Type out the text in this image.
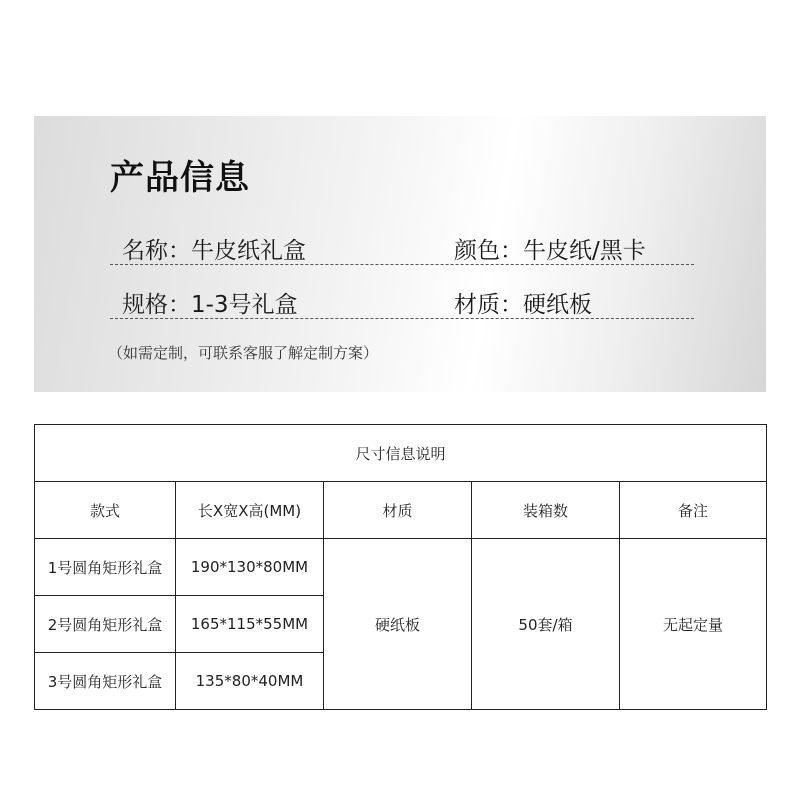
产品信息
名称：牛皮纸礼盒	颜色：牛皮纸/黑卡
规格：1-3号礼盒	材质：硬纸板
（如需定制，可联系客服了解定制方案）
尺寸信息说明				
款式	长X宽X高(MM)	材质	装箱数	备注
1号圆角矩形礼盒	190*130*80MM	硬纸板	50套/箱	无起定量
2号圆角矩形礼盒	165*115*55MM			
3号圆角矩形礼盒	135*80*40MM			
